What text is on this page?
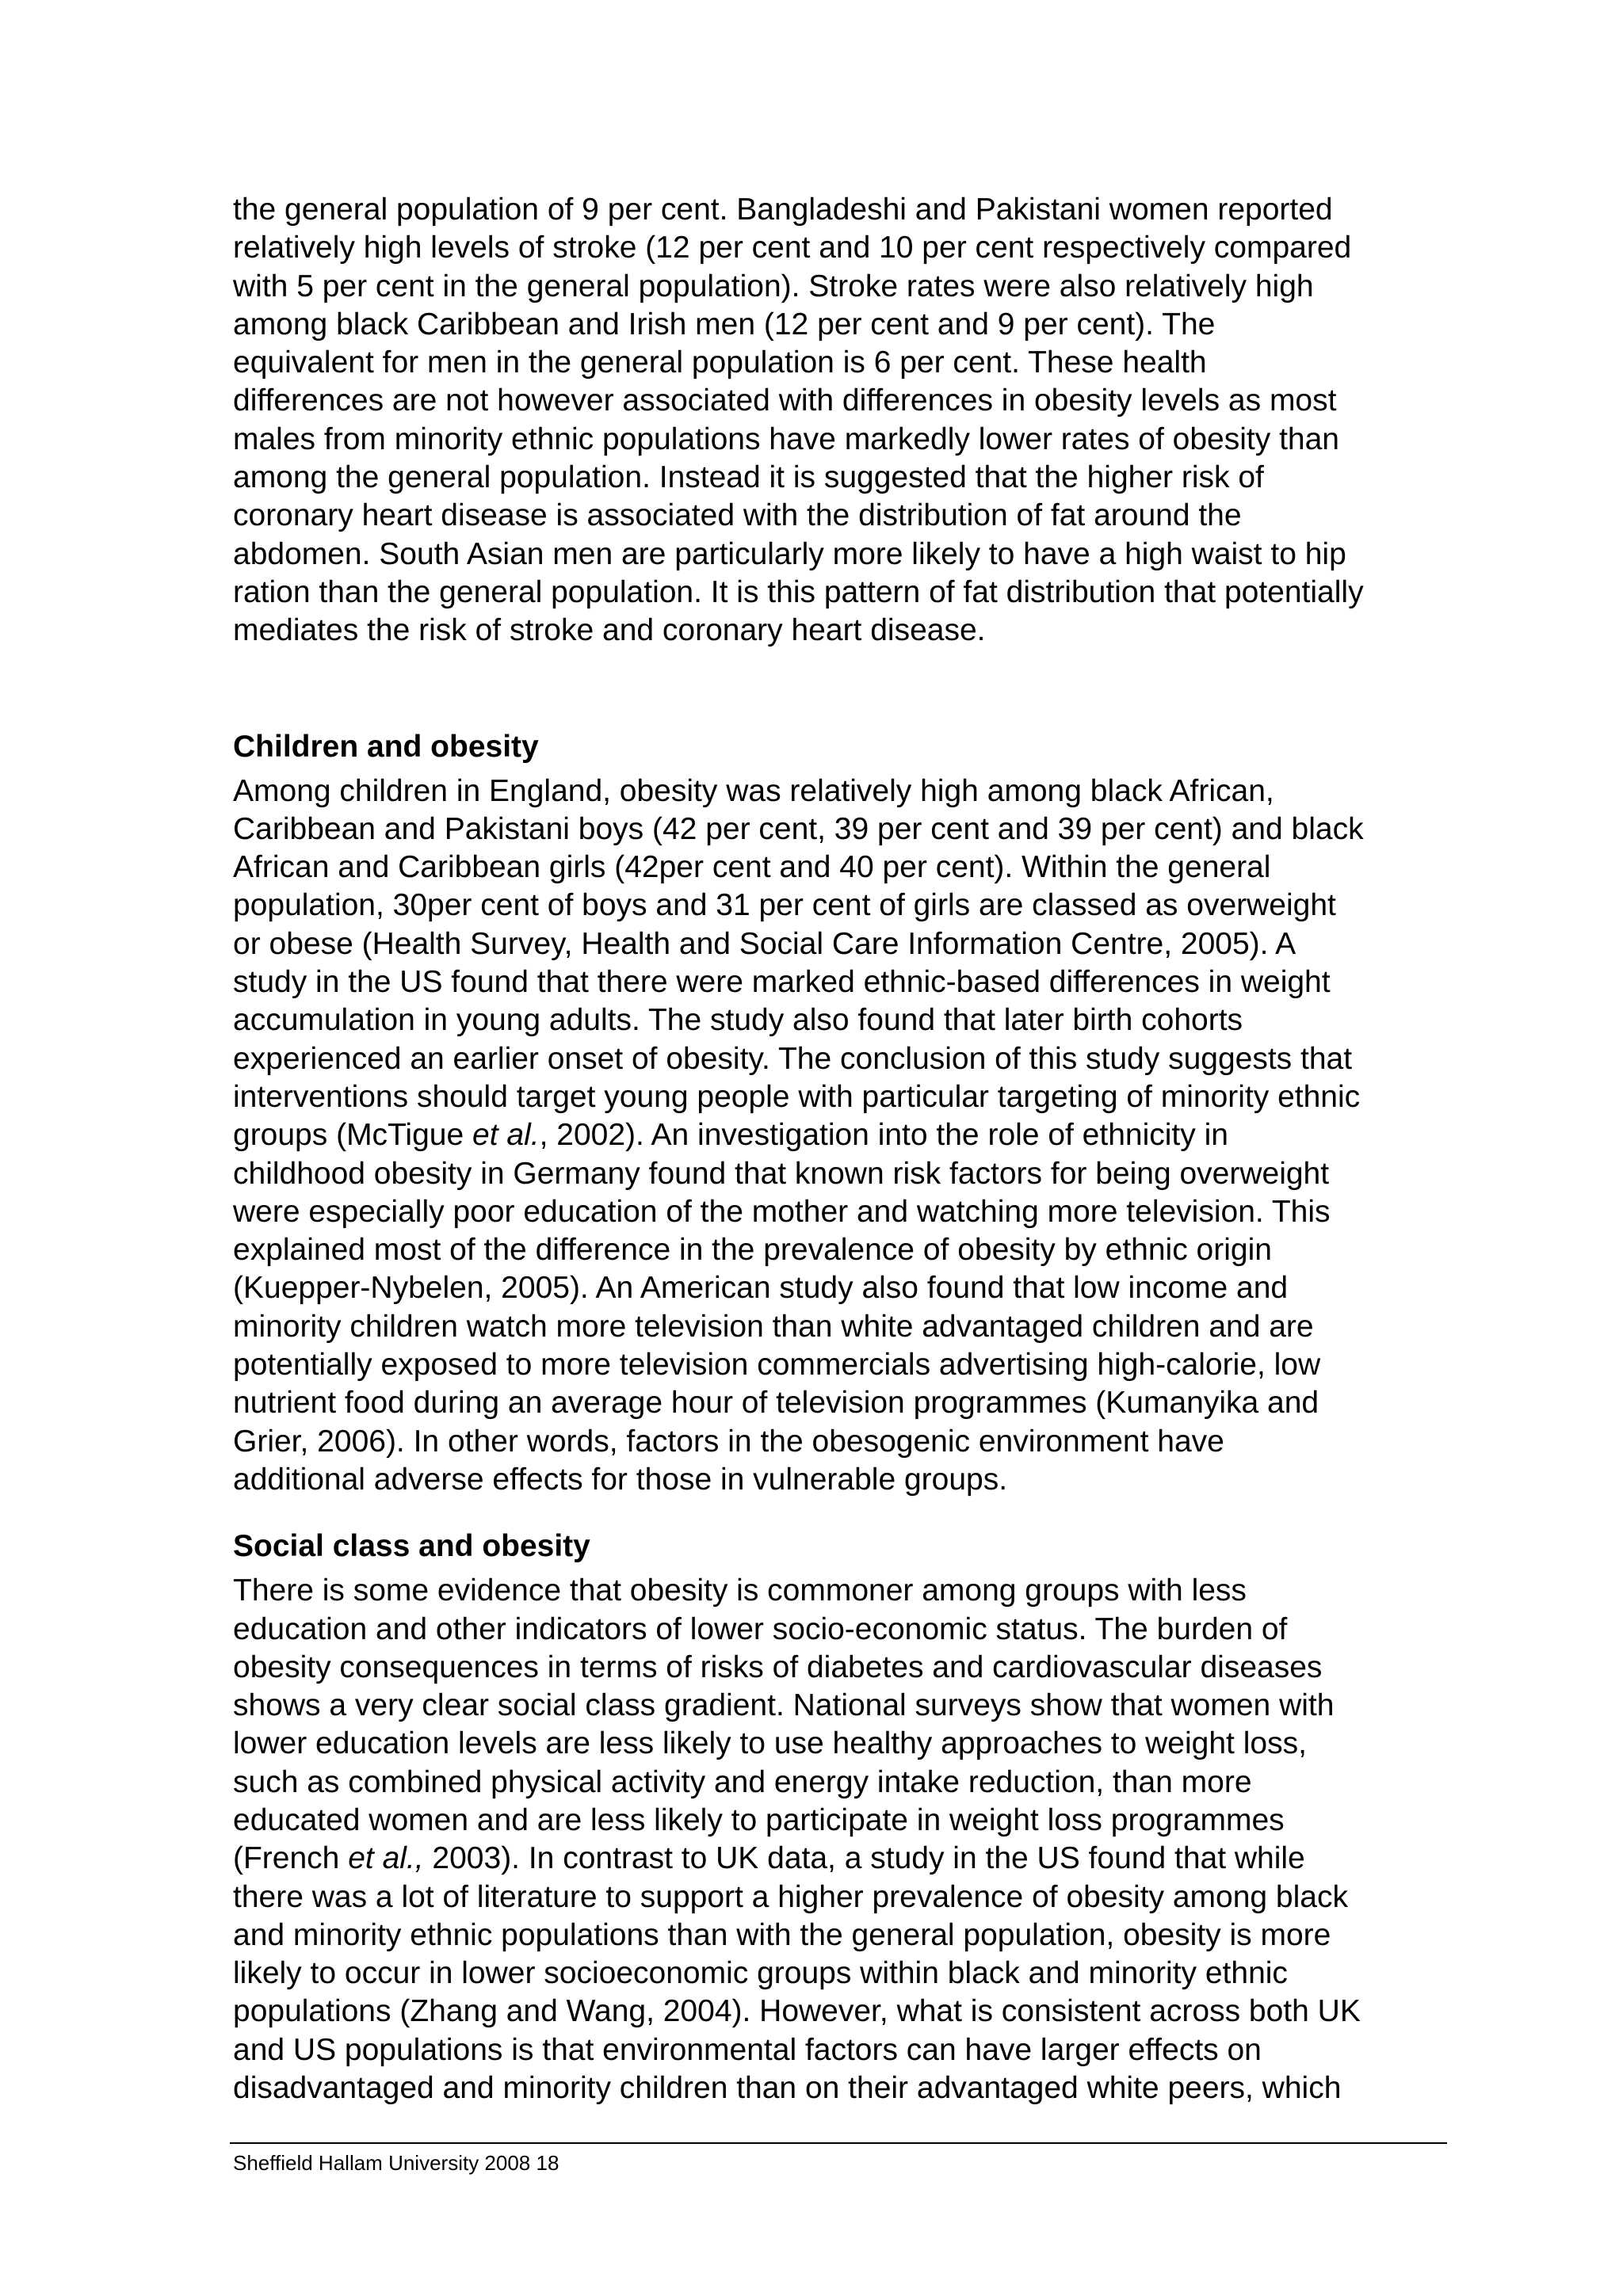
the general population of 9 per cent. Bangladeshi and Pakistani women reported
relatively high levels of stroke (12 per cent and 10 per cent respectively compared
with 5 per cent in the general population). Stroke rates were also relatively high
among black Caribbean and Irish men (12 per cent and 9 per cent). The
equivalent for men in the general population is 6 per cent. These health
differences are not however associated with differences in obesity levels as most
males from minority ethnic populations have markedly lower rates of obesity than
among the general population. Instead it is suggested that the higher risk of
coronary heart disease is associated with the distribution of fat around the
abdomen. South Asian men are particularly more likely to have a high waist to hip
ration than the general population. It is this pattern of fat distribution that potentially
mediates the risk of stroke and coronary heart disease.

Children and obesity

Among children in England, obesity was relatively high among black African,
Caribbean and Pakistani boys (42 per cent, 39 per cent and 39 per cent) and black
African and Caribbean girls (42per cent and 40 per cent). Within the general
population, 30per cent of boys and 31 per cent of girls are classed as overweight
or obese (Health Survey, Health and Social Care Information Centre, 2005). A
study in the US found that there were marked ethnic-based differences in weight
accumulation in young adults. The study also found that later birth cohorts
experienced an earlier onset of obesity. The conclusion of this study suggests that
interventions should target young people with particular targeting of minority ethnic
groups (McTigue et al., 2002). An investigation into the role of ethnicity in
childhood obesity in Germany found that known risk factors for being overweight
were especially poor education of the mother and watching more television. This
explained most of the difference in the prevalence of obesity by ethnic origin
(Kuepper-Nybelen, 2005). An American study also found that low income and
minority children watch more television than white advantaged children and are
potentially exposed to more television commercials advertising high-calorie, low
nutrient food during an average hour of television programmes (Kumanyika and
Grier, 2006). In other words, factors in the obesogenic environment have
additional adverse effects for those in vulnerable groups.

Social class and obesity

There is some evidence that obesity is commoner among groups with less
education and other indicators of lower socio-economic status. The burden of
obesity consequences in terms of risks of diabetes and cardiovascular diseases
shows a very clear social class gradient. National surveys show that women with
lower education levels are less likely to use healthy approaches to weight loss,
such as combined physical activity and energy intake reduction, than more
educated women and are less likely to participate in weight loss programmes
(French et al., 2003). In contrast to UK data, a study in the US found that while
there was a lot of literature to support a higher prevalence of obesity among black
and minority ethnic populations than with the general population, obesity is more
likely to occur in lower socioeconomic groups within black and minority ethnic
populations (Zhang and Wang, 2004). However, what is consistent across both UK
and US populations is that environmental factors can have larger effects on
disadvantaged and minority children than on their advantaged white peers, which

Sheffield Hallam University 2008 18
